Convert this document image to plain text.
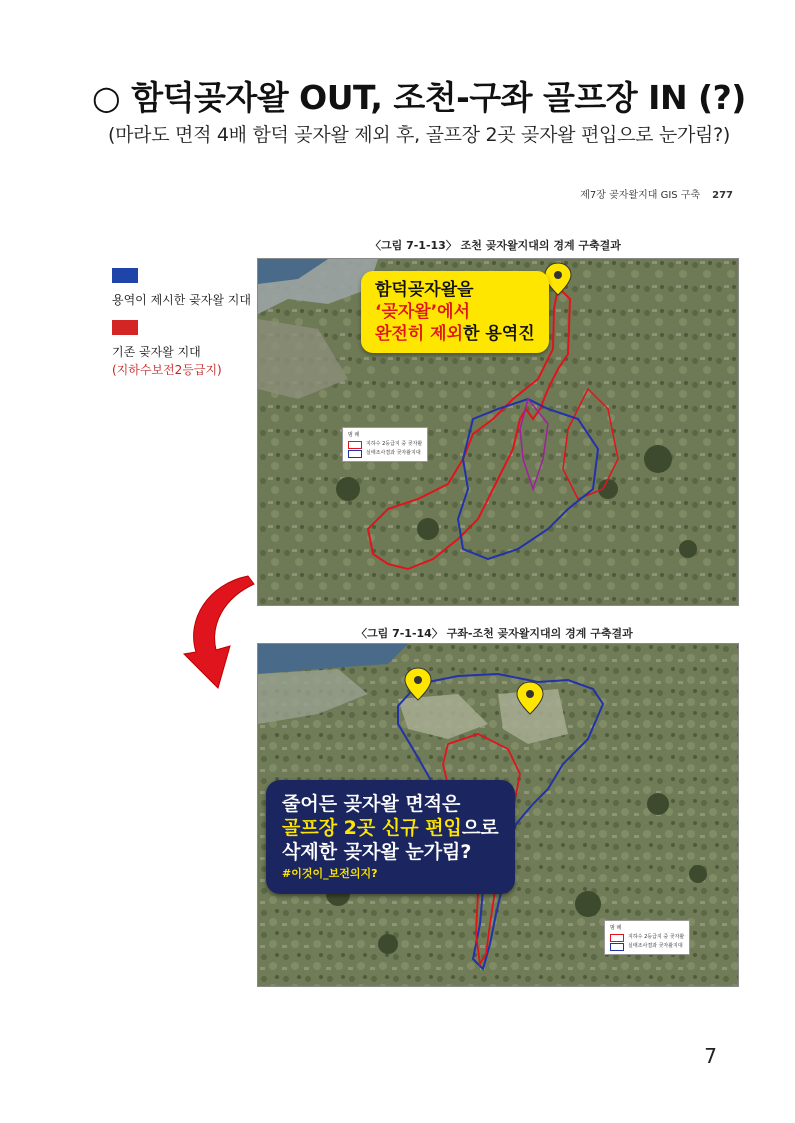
○ 함덕곶자왈 OUT, 조천-구좌 골프장 IN (?)
(마라도 면적 4배 함덕 곶자왈 제외 후, 골프장 2곳 곶자왈 편입으로 눈가림?)
제7장 곶자왈지대 GIS 구축 277
용역이 제시한 곶자왈 지대
기존 곶자왈 지대
(지하수보전2등급지)
〈그림 7-1-13〉 조천 곶자왈지대의 경계 구축결과
함덕곶자왈을
‘곶자왈’에서
완전히 제외한 용역진
범 례
지하수 2등급지 중 곶자왈
실태조사결과 곶자왈지대
〈그림 7-1-14〉 구좌-조천 곶자왈지대의 경계 구축결과
줄어든 곶자왈 면적은
골프장 2곳 신규 편입으로
삭제한 곶자왈 눈가림?
#이것이_보전의지?
범 례
지하수 2등급지 중 곶자왈
실태조사결과 곶자왈지대
7
